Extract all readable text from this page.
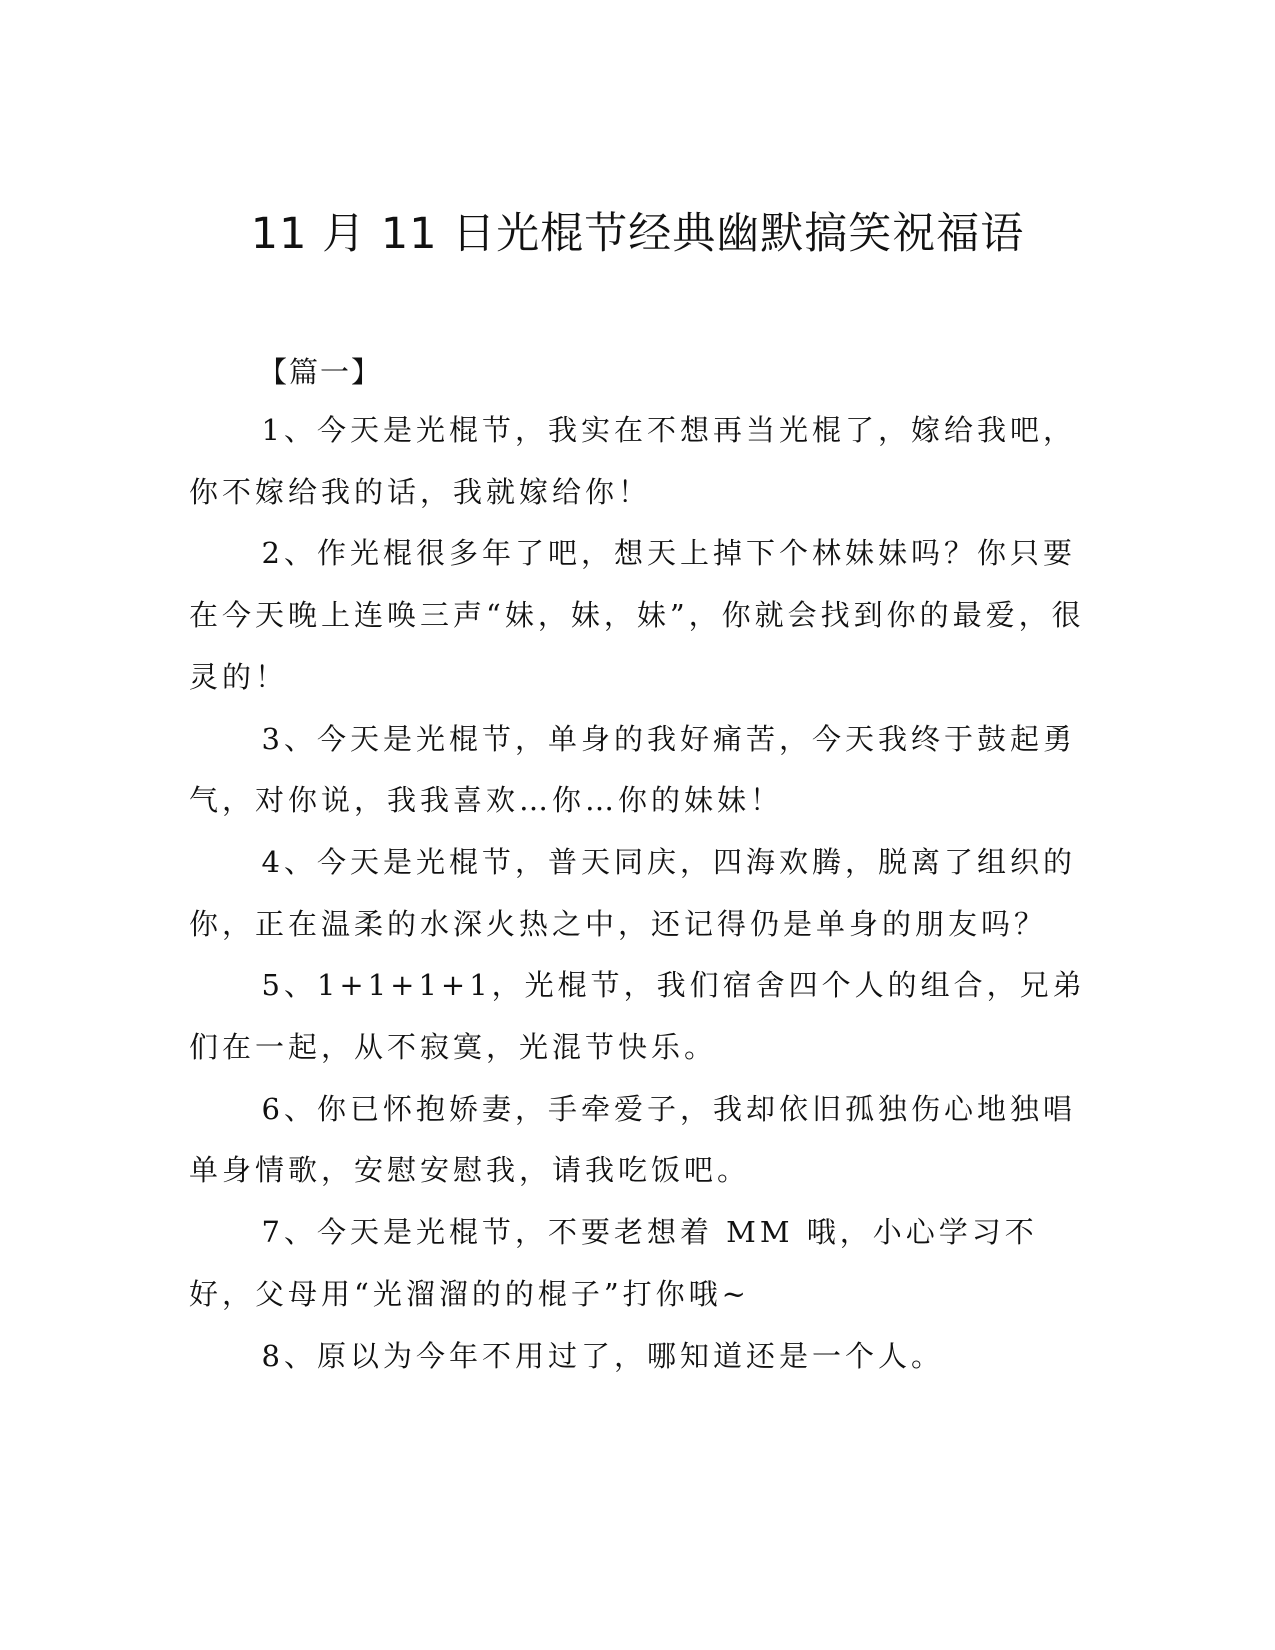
11 月 11 日光棍节经典幽默搞笑祝福语

【篇一】

1、今天是光棍节，我实在不想再当光棍了，嫁给我吧，你不嫁给我的话，我就嫁给你！

2、作光棍很多年了吧，想天上掉下个林妹妹吗？你只要在今天晚上连唤三声“妹，妹，妹”，你就会找到你的最爱，很灵的！

3、今天是光棍节，单身的我好痛苦，今天我终于鼓起勇气，对你说，我我喜欢…你…你的妹妹！

4、今天是光棍节，普天同庆，四海欢腾，脱离了组织的你，正在温柔的水深火热之中，还记得仍是单身的朋友吗？

5、1+1+1+1，光棍节，我们宿舍四个人的组合，兄弟们在一起，从不寂寞，光混节快乐。

6、你已怀抱娇妻，手牵爱子，我却依旧孤独伤心地独唱单身情歌，安慰安慰我，请我吃饭吧。

7、今天是光棍节，不要老想着 MM 哦，小心学习不好，父母用“光溜溜的的棍子”打你哦~

8、原以为今年不用过了，哪知道还是一个人。
